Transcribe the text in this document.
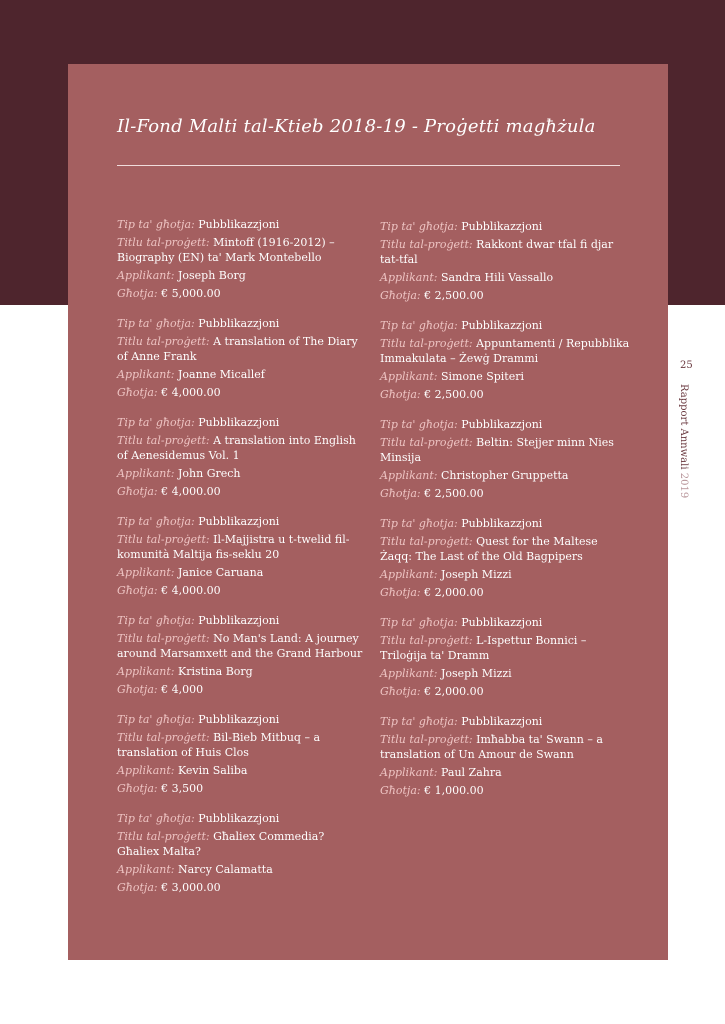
Il-Fond Malti tal-Ktieb 2018-19 - Proġetti magħżula

Tip ta' għotja: Pubblikazzjoni

Titlu tal-proġett: Mintoff (1916-2012) – Biography (EN) ta' Mark Montebello

Applikant: Joseph Borg

Għotja: € 5,000.00

Tip ta' għotja: Pubblikazzjoni

Titlu tal-proġett: A translation of The Diary of Anne Frank

Applikant: Joanne Micallef

Għotja: € 4,000.00

Tip ta' għotja: Pubblikazzjoni

Titlu tal-proġett: A translation into English of Aenesidemus Vol. 1

Applikant: John Grech

Għotja: € 4,000.00

Tip ta' għotja: Pubblikazzjoni

Titlu tal-proġett: Il-Majjistra u t-twelid fil-komunità Maltija fis-seklu 20

Applikant: Janice Caruana

Għotja: € 4,000.00

Tip ta' għotja: Pubblikazzjoni

Titlu tal-proġett: No Man's Land: A journey around Marsamxett and the Grand Harbour

Applikant: Kristina Borg

Għotja: € 4,000

Tip ta' għotja: Pubblikazzjoni

Titlu tal-proġett: Bil-Bieb Mitbuq – a translation of Huis Clos

Applikant: Kevin Saliba

Għotja: € 3,500

Tip ta' għotja: Pubblikazzjoni

Titlu tal-proġett: Għaliex Commedia? Għaliex Malta?

Applikant: Narcy Calamatta

Għotja: € 3,000.00

Tip ta' għotja: Pubblikazzjoni

Titlu tal-proġett: Rakkont dwar tfal fi djar tat-tfal

Applikant: Sandra Hili Vassallo

Għotja: € 2,500.00

Tip ta' għotja: Pubblikazzjoni

Titlu tal-proġett: Appuntamenti / Repubblika Immakulata – Żewġ Drammi

Applikant: Simone Spiteri

Għotja: € 2,500.00

Tip ta' għotja: Pubblikazzjoni

Titlu tal-proġett: Beltin: Stejjer minn Nies Minsija

Applikant: Christopher Gruppetta

Għotja: € 2,500.00

Tip ta' għotja: Pubblikazzjoni

Titlu tal-proġett: Quest for the Maltese Żaqq: The Last of the Old Bagpipers

Applikant: Joseph Mizzi

Għotja: € 2,000.00

Tip ta' għotja: Pubblikazzjoni

Titlu tal-proġett: L-Ispettur Bonnici – Triloġija ta' Dramm

Applikant: Joseph Mizzi

Għotja: € 2,000.00

Tip ta' għotja: Pubblikazzjoni

Titlu tal-proġett: Imħabba ta' Swann – a translation of Un Amour de Swann

Applikant: Paul Zahra

Għotja: € 1,000.00

25
Rapport Annwali 2019
